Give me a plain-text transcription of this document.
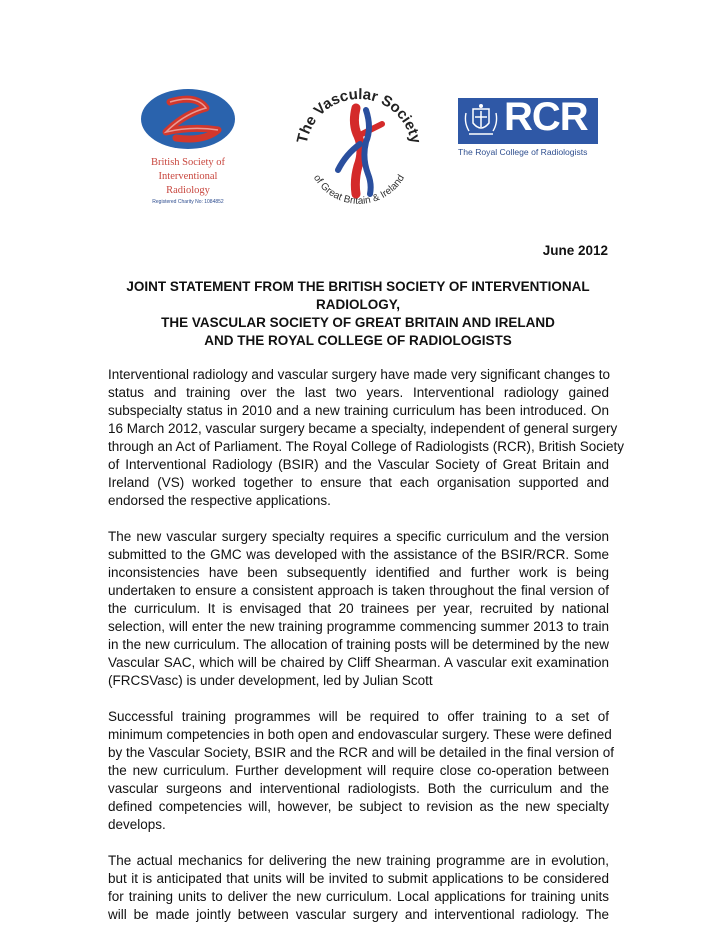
British Society of
Interventional
Radiology
Registered Charity No: 1084852
The Vascular Society
of Great Britain & Ireland
RCR
The Royal College of Radiologists
June 2012
JOINT STATEMENT FROM THE BRITISH SOCIETY OF INTERVENTIONAL RADIOLOGY,
THE VASCULAR SOCIETY OF GREAT BRITAIN AND IRELAND
AND THE ROYAL COLLEGE OF RADIOLOGISTS
Interventional radiology and vascular surgery have made very significant changes to
status and training over the last two years. Interventional radiology gained
subspecialty status in 2010 and a new training curriculum has been introduced. On
16 March 2012, vascular surgery became a specialty, independent of general surgery
through an Act of Parliament. The Royal College of Radiologists (RCR), British Society
of Interventional Radiology (BSIR) and the Vascular Society of Great Britain and
Ireland (VS) worked together to ensure that each organisation supported and
endorsed the respective applications.
The new vascular surgery specialty requires a specific curriculum and the version
submitted to the GMC was developed with the assistance of the BSIR/RCR. Some
inconsistencies have been subsequently identified and further work is being
undertaken to ensure a consistent approach is taken throughout the final version of
the curriculum. It is envisaged that 20 trainees per year, recruited by national
selection, will enter the new training programme commencing summer 2013 to train
in the new curriculum. The allocation of training posts will be determined by the new
Vascular SAC, which will be chaired by Cliff Shearman. A vascular exit examination
(FRCSVasc) is under development, led by Julian Scott
Successful training programmes will be required to offer training to a set of
minimum competencies in both open and endovascular surgery. These were defined
by the Vascular Society, BSIR and the RCR and will be detailed in the final version of
the new curriculum. Further development will require close co-operation between
vascular surgeons and interventional radiologists. Both the curriculum and the
defined competencies will, however, be subject to revision as the new specialty
develops.
The actual mechanics for delivering the new training programme are in evolution,
but it is anticipated that units will be invited to submit applications to be considered
for training units to deliver the new curriculum. Local applications for training units
will be made jointly between vascular surgery and interventional radiology. The
